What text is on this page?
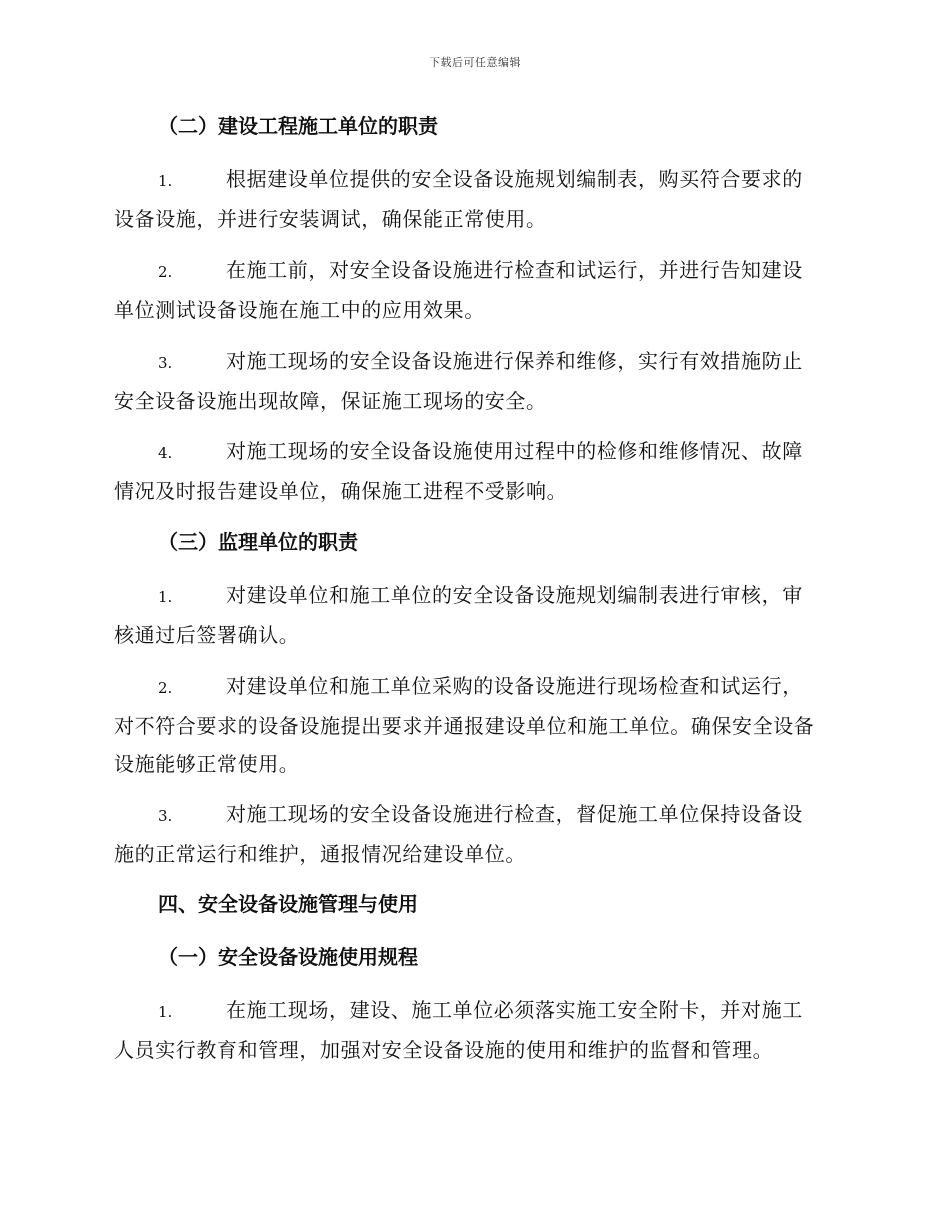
下载后可任意编辑
（二）建设工程施工单位的职责
1.	根据建设单位提供的安全设备设施规划编制表，购买符合要求的
设备设施，并进行安装调试，确保能正常使用。
2.	在施工前，对安全设备设施进行检查和试运行，并进行告知建设
单位测试设备设施在施工中的应用效果。
3.	对施工现场的安全设备设施进行保养和维修，实行有效措施防止
安全设备设施出现故障，保证施工现场的安全。
4.	对施工现场的安全设备设施使用过程中的检修和维修情况、故障
情况及时报告建设单位，确保施工进程不受影响。
（三）监理单位的职责
1.	对建设单位和施工单位的安全设备设施规划编制表进行审核，审
核通过后签署确认。
2.	对建设单位和施工单位采购的设备设施进行现场检查和试运行，
对不符合要求的设备设施提出要求并通报建设单位和施工单位。确保安全设备设施能够正常使用。
3.	对施工现场的安全设备设施进行检查，督促施工单位保持设备设
施的正常运行和维护，通报情况给建设单位。
四、安全设备设施管理与使用
（一）安全设备设施使用规程
1.	在施工现场，建设、施工单位必须落实施工安全附卡，并对施工
人员实行教育和管理，加强对安全设备设施的使用和维护的监督和管理。
